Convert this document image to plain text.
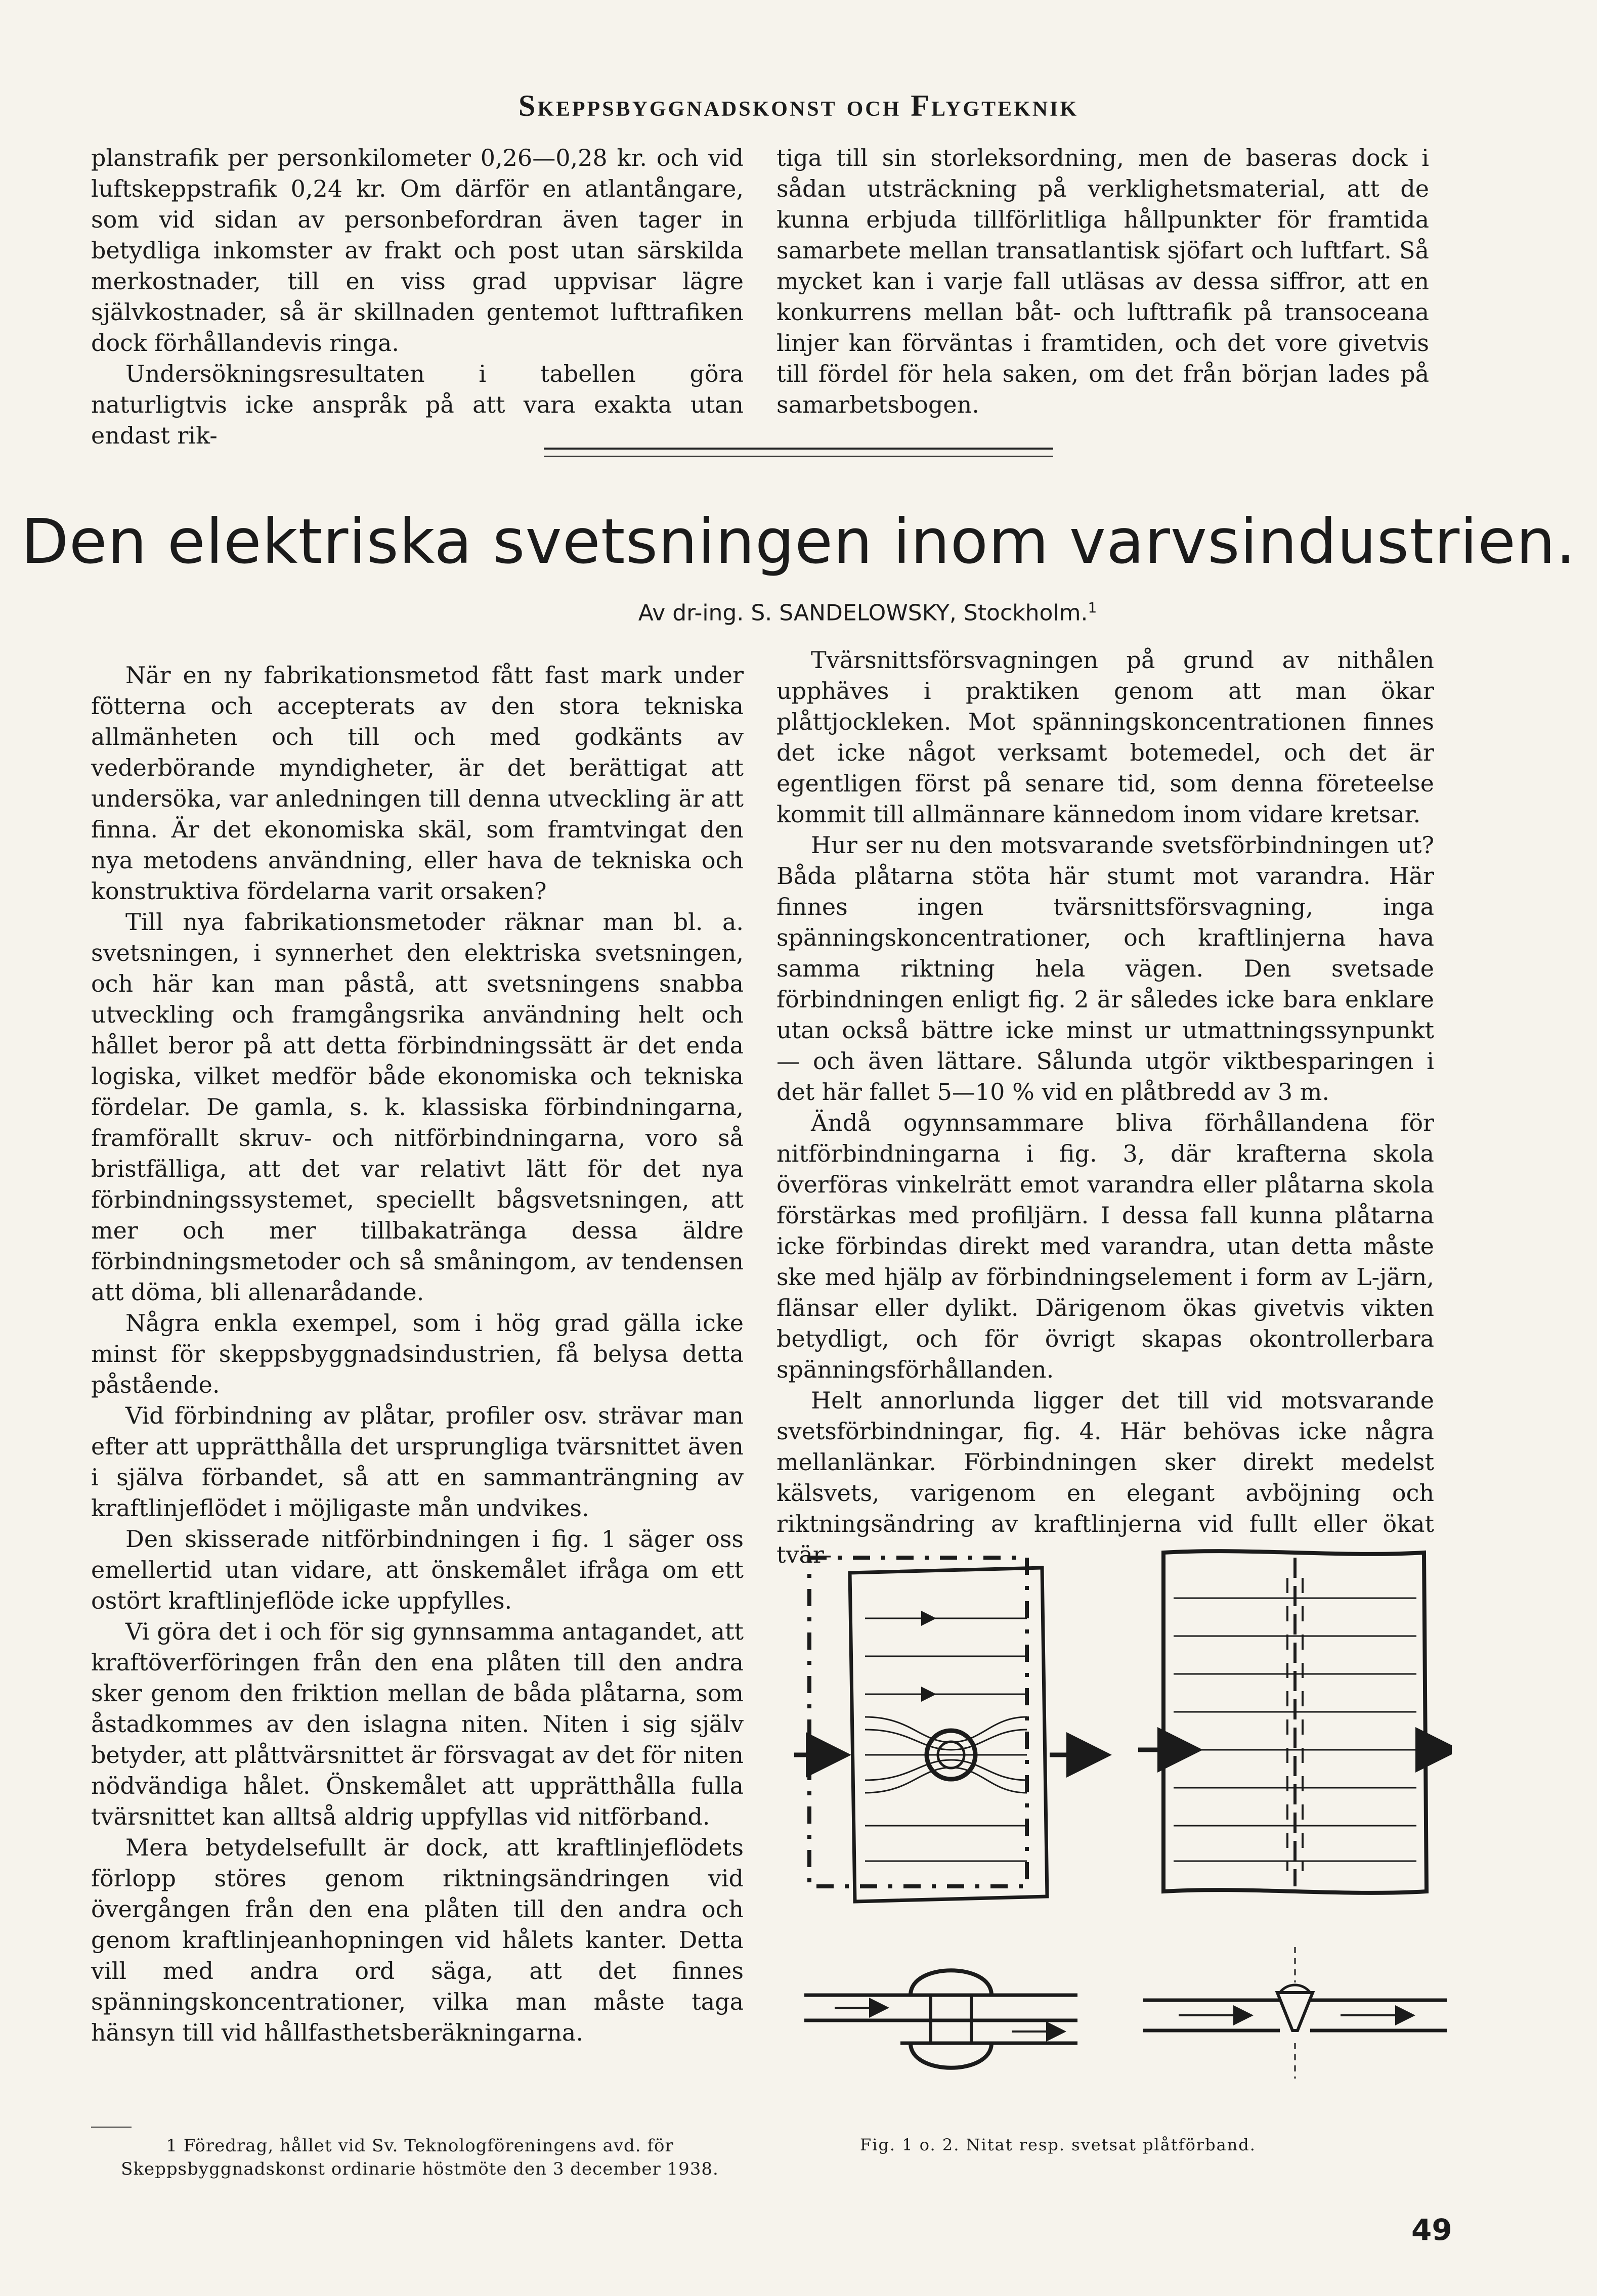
Skeppsbyggnadskonst och Flygteknik

planstrafik per personkilometer 0,26—0,28 kr. och vid luftskeppstrafik 0,24 kr. Om därför en atlantångare, som vid sidan av personbefordran även tager in betydliga inkomster av frakt och post utan särskilda merkostnader, till en viss grad uppvisar lägre självkostnader, så är skillnaden gentemot lufttrafiken dock förhållandevis ringa.

Undersökningsresultaten i tabellen göra naturligtvis icke anspråk på att vara exakta utan endast rik-

tiga till sin storleksordning, men de baseras dock i sådan utsträckning på verklighetsmaterial, att de kunna erbjuda tillförlitliga hållpunkter för framtida samarbete mellan transatlantisk sjöfart och luftfart. Så mycket kan i varje fall utläsas av dessa siffror, att en konkurrens mellan båt- och lufttrafik på transoceana linjer kan förväntas i framtiden, och det vore givetvis till fördel för hela saken, om det från början lades på samarbetsbogen.

Den elektriska svetsningen inom varvsindustrien.
Av dr-ing. S. SANDELOWSKY, Stockholm.$^1$

När en ny fabrikationsmetod fått fast mark under fötterna och accepterats av den stora tekniska allmänheten och till och med godkänts av vederbörande myndigheter, är det berättigat att undersöka, var anledningen till denna utveckling är att finna. Är det ekonomiska skäl, som framtvingat den nya metodens användning, eller hava de tekniska och konstruktiva fördelarna varit orsaken?

Till nya fabrikationsmetoder räknar man bl. a. svetsningen, i synnerhet den elektriska svetsningen, och här kan man påstå, att svetsningens snabba utveckling och framgångsrika användning helt och hållet beror på att detta förbindningssätt är det enda logiska, vilket medför både ekonomiska och tekniska fördelar. De gamla, s. k. klassiska förbindningarna, framförallt skruv- och nitförbindningarna, voro så bristfälliga, att det var relativt lätt för det nya förbindningssystemet, speciellt bågsvetsningen, att mer och mer tillbakatränga dessa äldre förbindningsmetoder och så småningom, av tendensen att döma, bli allenarådande.

Några enkla exempel, som i hög grad gälla icke minst för skeppsbyggnadsindustrien, få belysa detta påstående.

Vid förbindning av plåtar, profiler osv. strävar man efter att upprätthålla det ursprungliga tvärsnittet även i själva förbandet, så att en sammanträngning av kraftlinjeflödet i möjligaste mån undvikes.

Den skisserade nitförbindningen i fig. 1 säger oss emellertid utan vidare, att önskemålet ifråga om ett ostört kraftlinjeflöde icke uppfylles.

Vi göra det i och för sig gynnsamma antagandet, att kraftöverföringen från den ena plåten till den andra sker genom den friktion mellan de båda plåtarna, som åstadkommes av den islagna niten. Niten i sig själv betyder, att plåttvärsnittet är försvagat av det för niten nödvändiga hålet. Önskemålet att upprätthålla fulla tvärsnittet kan alltså aldrig uppfyllas vid nitförband.

Mera betydelsefullt är dock, att kraftlinjeflödets förlopp störes genom riktningsändringen vid övergången från den ena plåten till den andra och genom kraftlinjeanhopningen vid hålets kanter. Detta vill med andra ord säga, att det finnes spänningskoncentrationer, vilka man måste taga hänsyn till vid hållfasthetsberäkningarna.

Tvärsnittsförsvagningen på grund av nithålen upphäves i praktiken genom att man ökar plåttjockleken. Mot spänningskoncentrationen finnes det icke något verksamt botemedel, och det är egentligen först på senare tid, som denna företeelse kommit till allmännare kännedom inom vidare kretsar.

Hur ser nu den motsvarande svetsförbindningen ut? Båda plåtarna stöta här stumt mot varandra. Här finnes ingen tvärsnittsförsvagning, inga spänningskoncentrationer, och kraftlinjerna hava samma riktning hela vägen. Den svetsade förbindningen enligt fig. 2 är således icke bara enklare utan också bättre icke minst ur utmattningssynpunkt — och även lättare. Sålunda utgör viktbesparingen i det här fallet 5—10 % vid en plåtbredd av 3 m.

Ändå ogynnsammare bliva förhållandena för nitförbindningarna i fig. 3, där krafterna skola överföras vinkelrätt emot varandra eller plåtarna skola förstärkas med profiljärn. I dessa fall kunna plåtarna icke förbindas direkt med varandra, utan detta måste ske med hjälp av förbindningselement i form av L-järn, flänsar eller dylikt. Därigenom ökas givetvis vikten betydligt, och för övrigt skapas okontrollerbara spänningsförhållanden.

Helt annorlunda ligger det till vid motsvarande svetsförbindningar, fig. 4. Här behövas icke några mellanlänkar. Förbindningen sker direkt medelst kälsvets, varigenom en elegant avböjning och riktningsändring av kraftlinjerna vid fullt eller ökat tvär-

1 Föredrag, hållet vid Sv. Teknologföreningens avd. för Skeppsbyggnadskonst ordinarie höstmöte den 3 december 1938.
Fig. 1 o. 2. Nitat resp. svetsat plåtförband.
49
